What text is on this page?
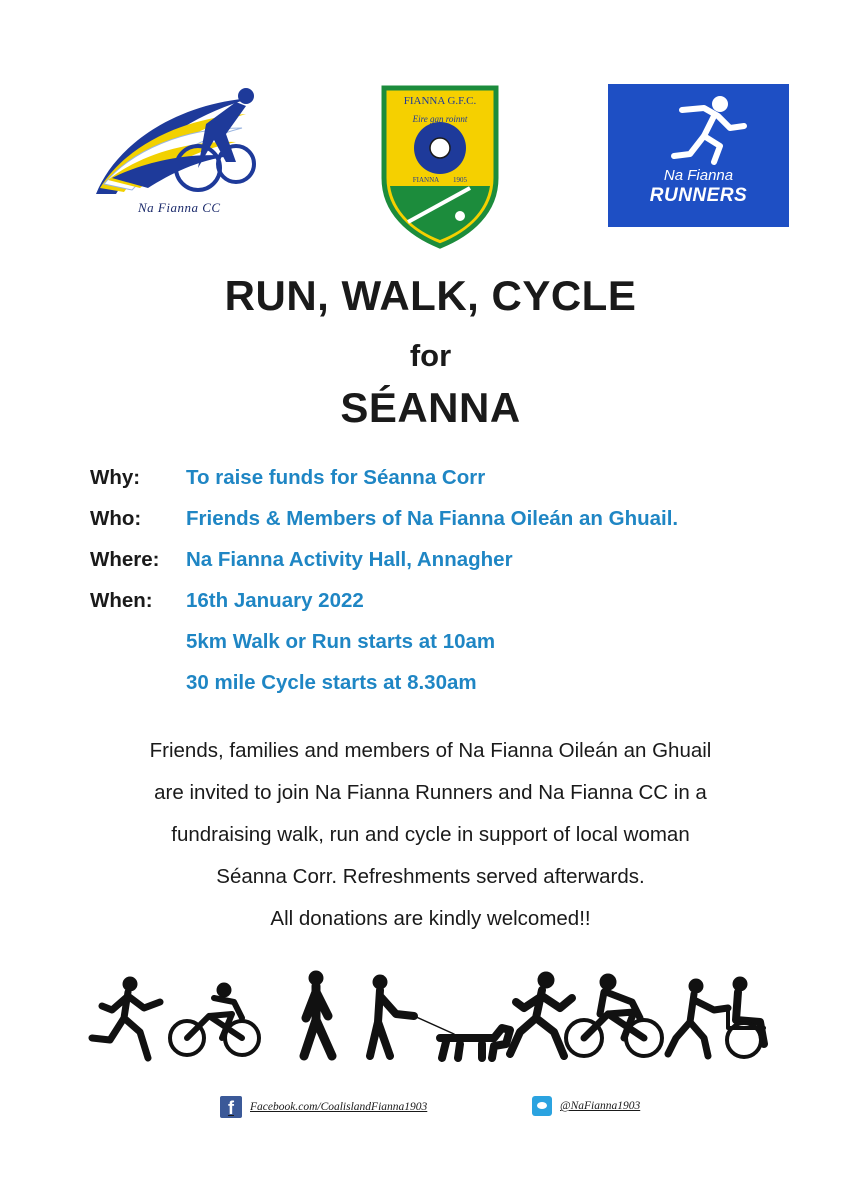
Na Fianna CC
FIANNA G.F.C.
Eire gan roinnt
FIANNA 1905	Na Fianna
RUNNERS
RUN, WALK, CYCLE
for
SÉANNA
Why: To raise funds for Séanna Corr
Who: Friends & Members of Na Fianna Oileán an Ghuail.
Where: Na Fianna Activity Hall, Annagher
When: 16th January 2022
5km Walk or Run starts at 10am
30 mile Cycle starts at 8.30am
Friends, families and members of Na Fianna Oileán an Ghuail
are invited to join Na Fianna Runners and Na Fianna CC in a
fundraising walk, run and cycle in support of local woman
Séanna Corr. Refreshments served afterwards.
All donations are kindly welcomed!!
f	Facebook.com/CoalislandFianna1903	@NaFianna1903
